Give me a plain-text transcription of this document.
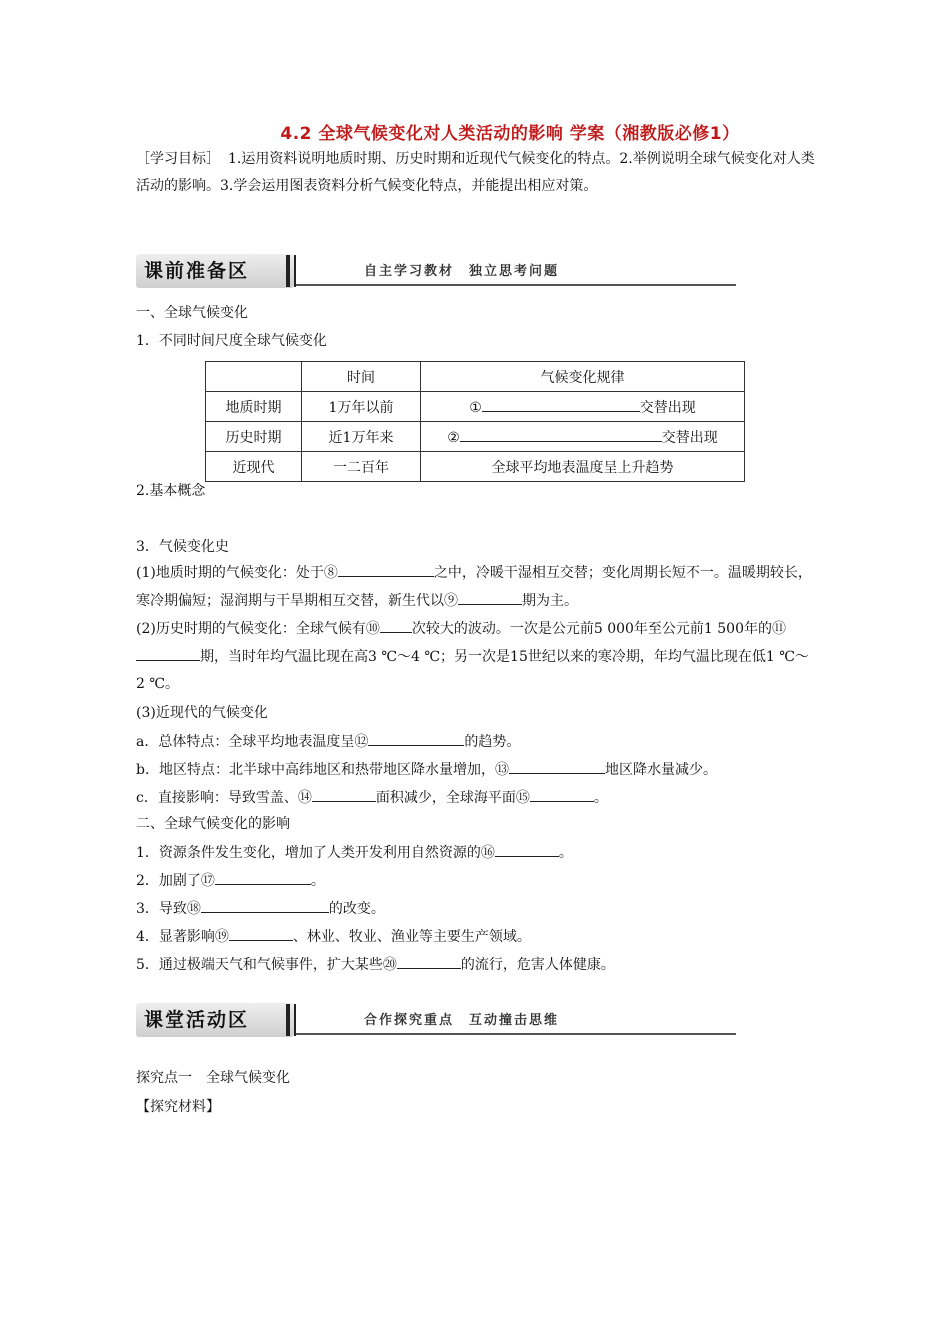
4.2 全球气候变化对人类活动的影响 学案（湘教版必修1）
［学习目标］ 1.运用资料说明地质时期、历史时期和近现代气候变化的特点。2.举例说明全球气候变化对人类活动的影响。3.学会运用图表资料分析气候变化特点，并能提出相应对策。
课前准备区	自主学习教材　独立思考问题
一、全球气候变化
1．不同时间尺度全球气候变化
	时间	气候变化规律
地质时期	1万年以前	① 交替出现
历史时期	近1万年来	② 交替出现
近现代	一二百年	全球平均地表温度呈上升趋势
2.基本概念
3．气候变化史
(1)地质时期的气候变化：处于⑧	之中，冷暖干湿相互交替；变化周期长短不一。温暖期较长，寒冷期偏短；湿润期与干旱期相互交替，新生代以⑨	期为主。
(2)历史时期的气候变化：全球气候有⑩ 次较大的波动。一次是公元前5 000年至公元前1 500年的⑪期，当时年均气温比现在高3 ℃～4 ℃；另一次是15世纪以来的寒冷期，年均气温比现在低1 ℃～2 ℃。
(3)近现代的气候变化
a．总体特点：全球平均地表温度呈⑫	的趋势。
b．地区特点：北半球中高纬地区和热带地区降水量增加，⑬	地区降水量减少。
c．直接影响：导致雪盖、⑭	面积减少，全球海平面⑮	。
二、全球气候变化的影响
1．资源条件发生变化，增加了人类开发利用自然资源的⑯	。
2．加剧了⑰	。
3．导致⑱	的改变。
4．显著影响⑲	、林业、牧业、渔业等主要生产领域。
5．通过极端天气和气候事件，扩大某些⑳	的流行，危害人体健康。
课堂活动区	合作探究重点　互动撞击思维
探究点一　全球气候变化
【探究材料】
